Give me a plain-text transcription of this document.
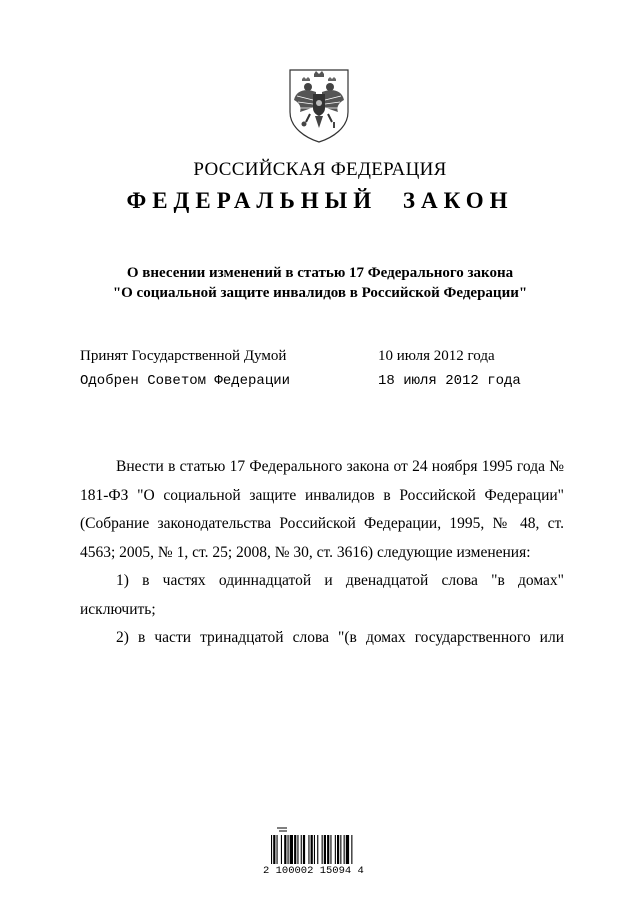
РОССИЙСКАЯ ФЕДЕРАЦИЯ
ФЕДЕРАЛЬНЫЙ ЗАКОН
О внесении изменений в статью 17 Федерального закона
"О социальной защите инвалидов в Российской Федерации"
Принят Государственной Думой	10 июля 2012 года
Одобрен Советом Федерации	18 июля 2012 года

Внести в статью 17 Федерального закона от 24 ноября 1995 года № 181-ФЗ "О социальной защите инвалидов в Российской Федерации" (Собрание законодательства Российской Федерации, 1995, № 48, ст. 4563; 2005, № 1, ст. 25; 2008, № 30, ст. 3616) следующие изменения:

1) в частях одиннадцатой и двенадцатой слова "в домах" исключить;

2) в части тринадцатой слова "(в домах государственного или

2 100002 15094 4
